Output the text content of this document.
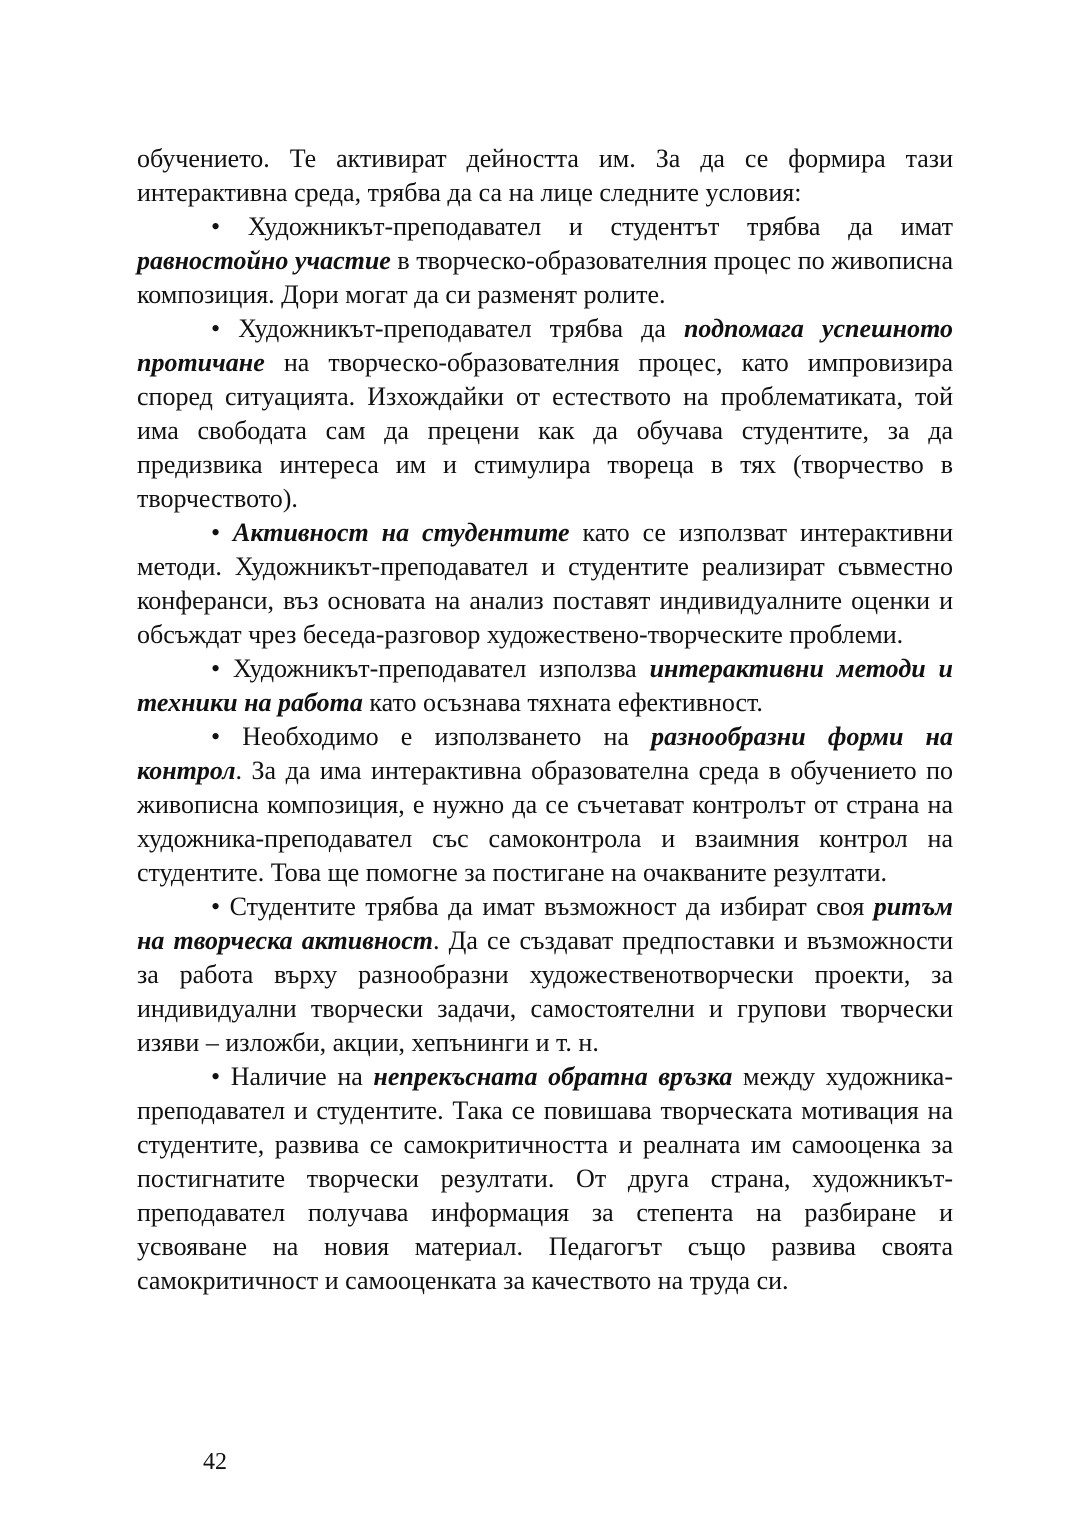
обучението. Те активират дейността им. За да се формира тази интерактивна среда, трябва да са на лице следните условия:

• Художникът-преподавател и студентът трябва да имат равностойно участие в творческо-образователния процес по живописна композиция. Дори могат да си разменят ролите.

• Художникът-преподавател трябва да подпомага успешното протичане на творческо-образователния процес, като импровизира според ситуацията. Изхождайки от естеството на проблематиката, той има свободата сам да прецени как да обучава студентите, за да предизвика интереса им и стимулира твореца в тях (творчество в творчеството).

• Активност на студентите като се използват интерактивни методи. Художникът-преподавател и студентите реализират съвместно конферанси, въз основата на анализ поставят индивидуалните оценки и обсъждат чрез беседа-разговор художествено-творческите проблеми.

• Художникът-преподавател използва интерактивни методи и техники на работа като осъзнава тяхната ефективност.

• Необходимо е използването на разнообразни форми на контрол. За да има интерактивна образователна среда в обучението по живописна композиция, е нужно да се съчетават контролът от страна на художника-преподавател със самоконтрола и взаимния контрол на студентите. Това ще помогне за постигане на очакваните резултати.

• Студентите трябва да имат възможност да избират своя ритъм на творческа активност. Да се създават предпоставки и възможности за работа върху разнообразни художественотворчески проекти, за индивидуални творчески задачи, самостоятелни и групови творчески изяви – изложби, акции, хепънинги и т. н.

• Наличие на непрекъсната обратна връзка между художника-преподавател и студентите. Така се повишава творческата мотивация на студентите, развива се самокритичността и реалната им самооценка за постигнатите творчески резултати. От друга страна, художникът-преподавател получава информация за степента на разбиране и усвояване на новия материал. Педагогът също развива своята самокритичност и самооценката за качеството на труда си.

42
